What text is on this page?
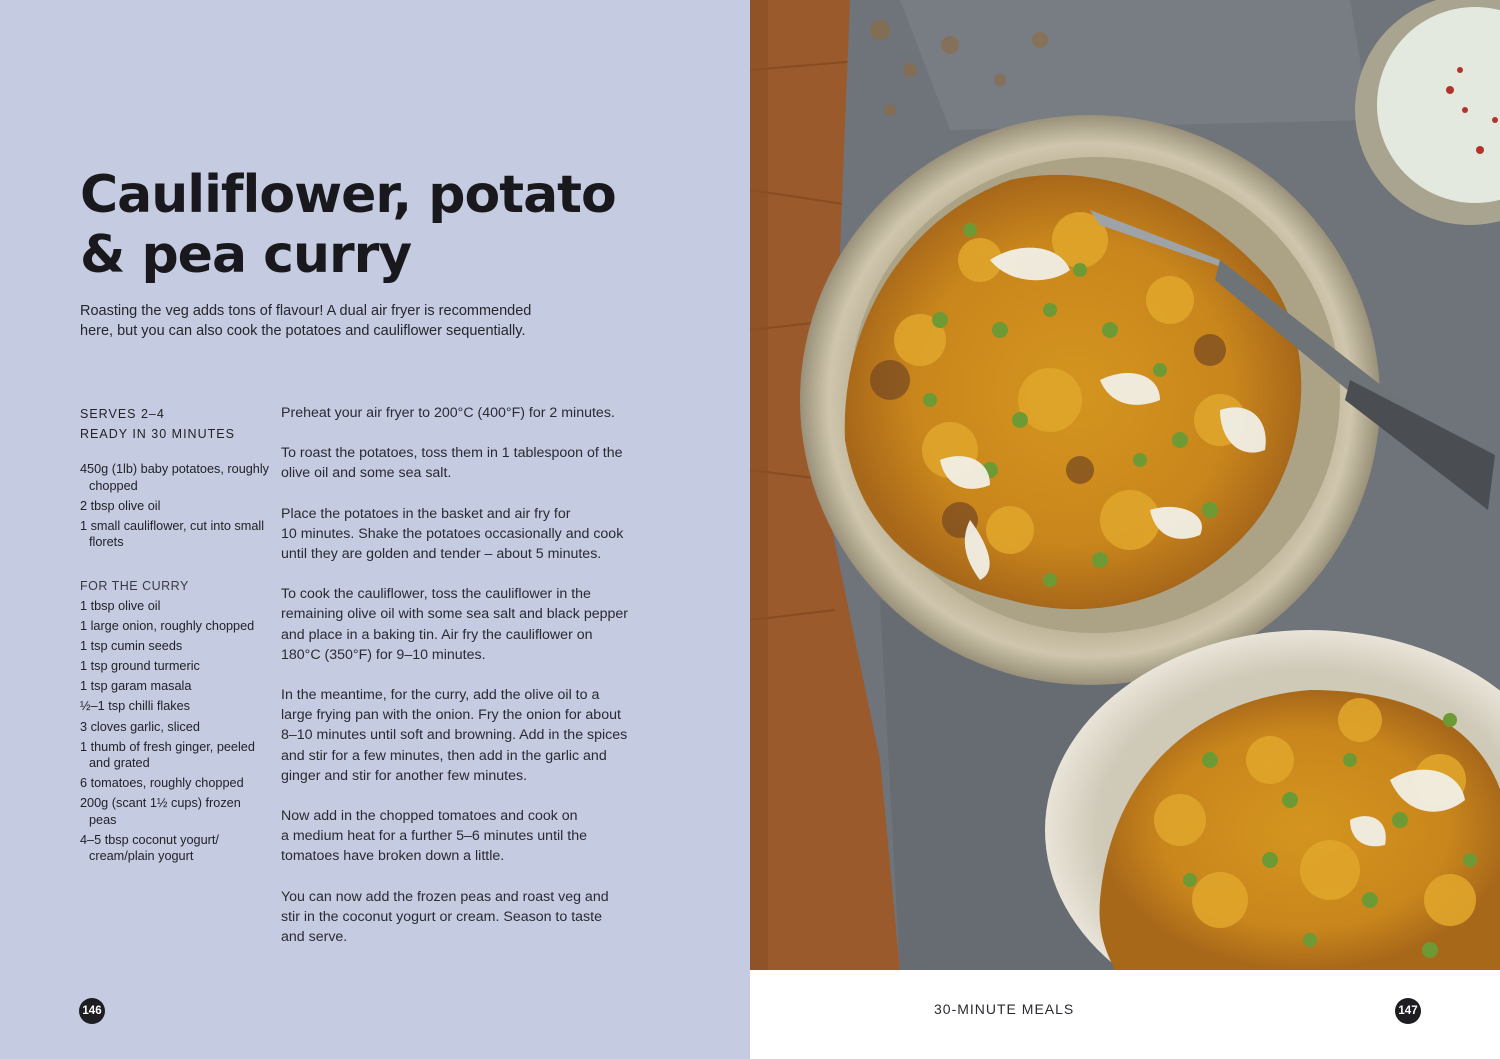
Cauliflower, potato
& pea curry

Roasting the veg adds tons of flavour! A dual air fryer is recommended
here, but you can also cook the potatoes and cauliflower sequentially.

SERVES 2–4
READY IN 30 MINUTES
450g (1lb) baby potatoes, roughly chopped
2 tbsp olive oil
1 small cauliflower, cut into small florets
FOR THE CURRY
1 tbsp olive oil
1 large onion, roughly chopped
1 tsp cumin seeds
1 tsp ground turmeric
1 tsp garam masala
½–1 tsp chilli flakes
3 cloves garlic, sliced
1 thumb of fresh ginger, peeled and grated
6 tomatoes, roughly chopped
200g (scant 1½ cups) frozen peas
4–5 tbsp coconut yogurt/ cream/plain yogurt

Preheat your air fryer to 200°C (400°F) for 2 minutes.

To roast the potatoes, toss them in 1 tablespoon of the
olive oil and some sea salt.

Place the potatoes in the basket and air fry for
10 minutes. Shake the potatoes occasionally and cook
until they are golden and tender – about 5 minutes.

To cook the cauliflower, toss the cauliflower in the
remaining olive oil with some sea salt and black pepper
and place in a baking tin. Air fry the cauliflower on
180°C (350°F) for 9–10 minutes.

In the meantime, for the curry, add the olive oil to a
large frying pan with the onion. Fry the onion for about
8–10 minutes until soft and browning. Add in the spices
and stir for a few minutes, then add in the garlic and
ginger and stir for another few minutes.

Now add in the chopped tomatoes and cook on
a medium heat for a further 5–6 minutes until the
tomatoes have broken down a little.

You can now add the frozen peas and roast veg and
stir in the coconut yogurt or cream. Season to taste
and serve.

146	30-MINUTE MEALS	147
